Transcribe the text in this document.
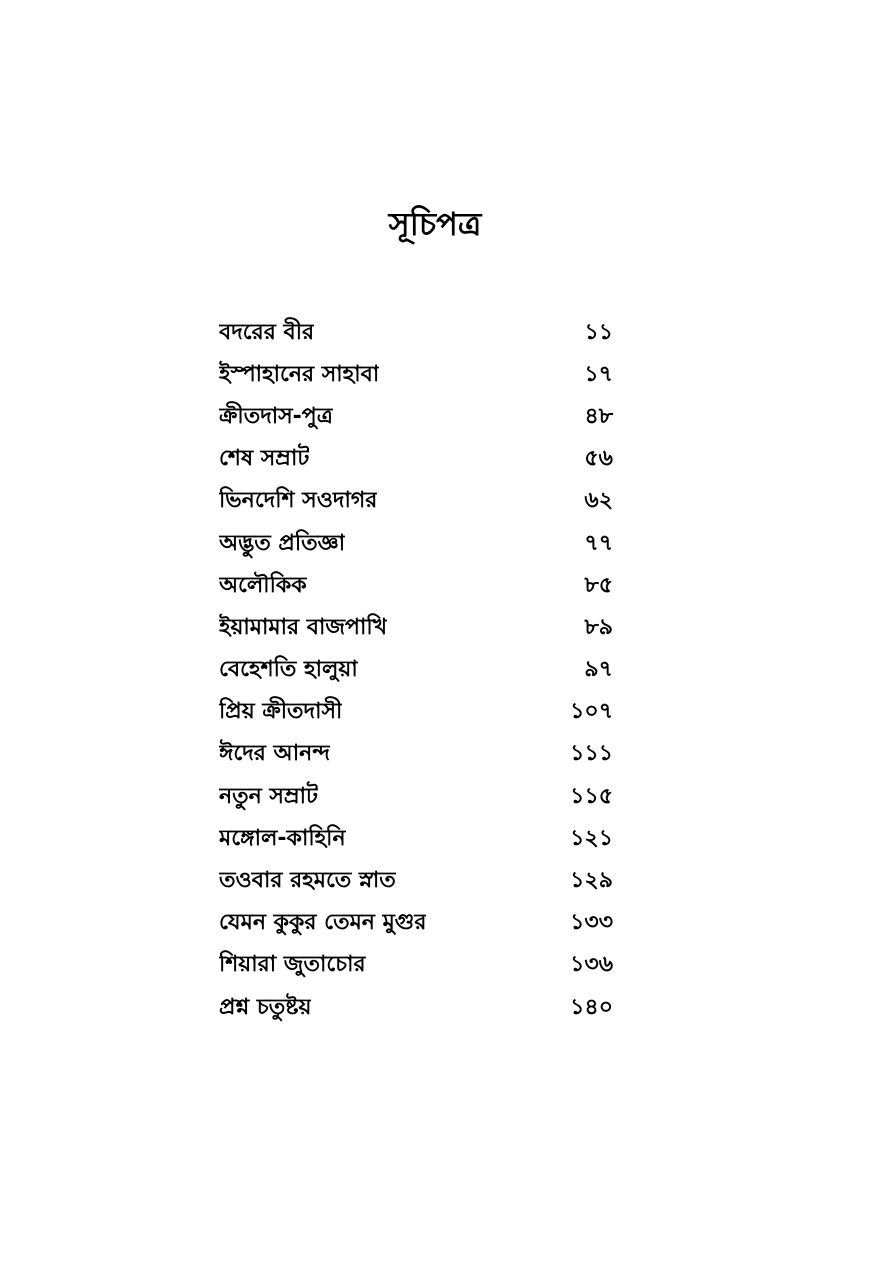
সূচিপত্র
বদরের বীর	১১
ইস্পাহানের সাহাবা	১৭
ক্রীতদাস-পুত্র	৪৮
শেষ সম্রাট	৫৬
ভিনদেশি সওদাগর	৬২
অদ্ভুত প্রতিজ্ঞা	৭৭
অলৌকিক	৮৫
ইয়ামামার বাজপাখি	৮৯
বেহেশতি হালুয়া	৯৭
প্রিয় ক্রীতদাসী	১০৭
ঈদের আনন্দ	১১১
নতুন সম্রাট	১১৫
মঙ্গোল-কাহিনি	১২১
তওবার রহমতে স্নাত	১২৯
যেমন কুকুর তেমন মুগুর	১৩৩
শিয়ারা জুতাচোর	১৩৬
প্রশ্ন চতুষ্টয়	১৪০
